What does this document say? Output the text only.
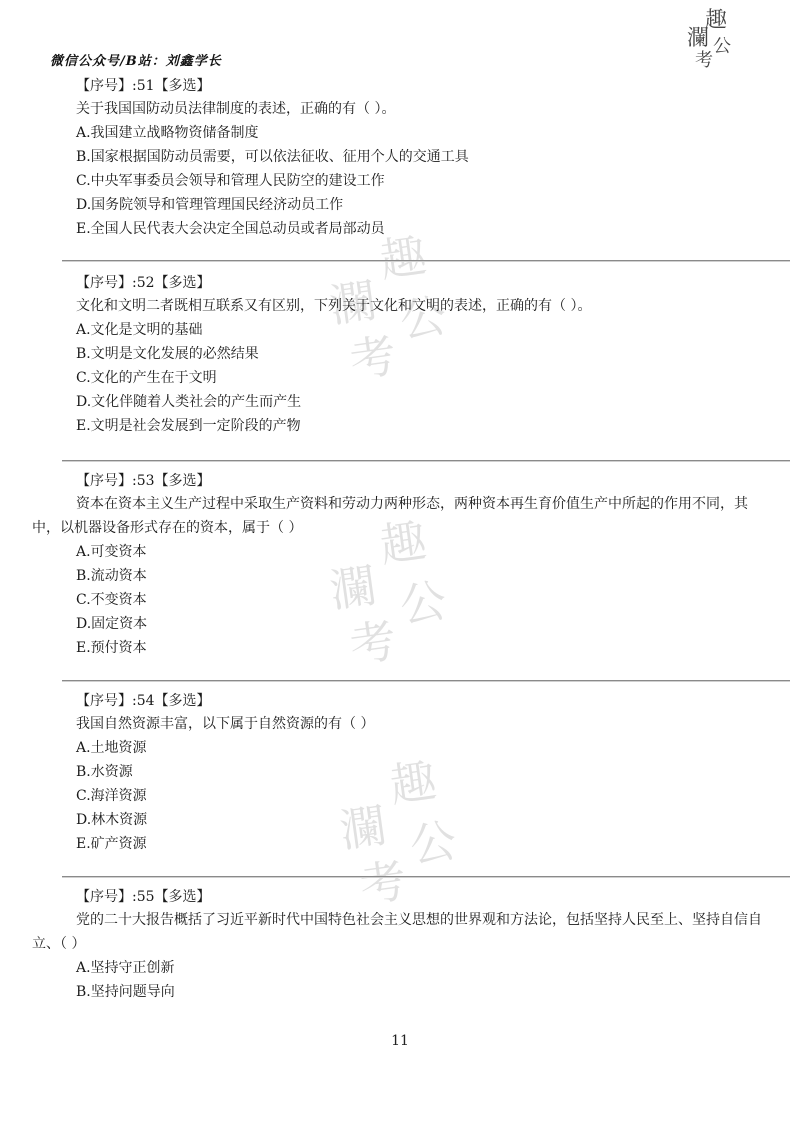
微信公众号/B站：刘鑫学长
趣
瀾 公
考
趣
瀾 公
考
趣
瀾 公
考
趣
瀾 公
考
【序号】:51【多选】
关于我国国防动员法律制度的表述，正确的有（ ）。
A.我国建立战略物资储备制度
B.国家根据国防动员需要，可以依法征收、征用个人的交通工具
C.中央军事委员会领导和管理人民防空的建设工作
D.国务院领导和管理管理国民经济动员工作
E.全国人民代表大会决定全国总动员或者局部动员
【序号】:52【多选】
文化和文明二者既相互联系又有区别，下列关于文化和文明的表述，正确的有（ ）。
A.文化是文明的基础
B.文明是文化发展的必然结果
C.文化的产生在于文明
D.文化伴随着人类社会的产生而产生
E.文明是社会发展到一定阶段的产物
【序号】:53【多选】
资本在资本主义生产过程中采取生产资料和劳动力两种形态，两种资本再生育价值生产中所起的作用不同，其中，以机器设备形式存在的资本，属于（ ）
A.可变资本
B.流动资本
C.不变资本
D.固定资本
E.预付资本
【序号】:54【多选】
我国自然资源丰富，以下属于自然资源的有（ ）
A.土地资源
B.水资源
C.海洋资源
D.林木资源
E.矿产资源
【序号】:55【多选】
党的二十大报告概括了习近平新时代中国特色社会主义思想的世界观和方法论，包括坚持人民至上、坚持自信自立、（ ）
A.坚持守正创新
B.坚持问题导向
11
